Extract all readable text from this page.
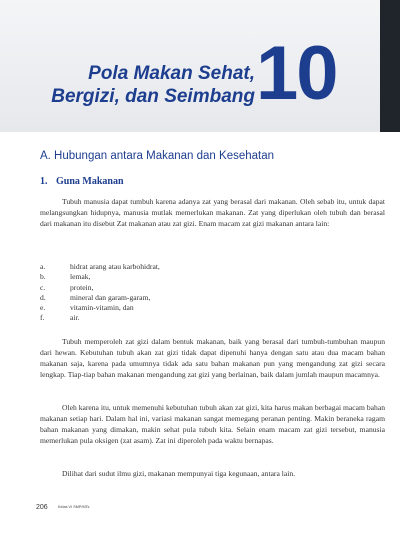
Pola Makan Sehat,
Bergizi, dan Seimbang 10
A. Hubungan antara Makanan dan Kesehatan
1. Guna Makanan

Tubuh manusia dapat tumbuh karena adanya zat yang berasal dari makanan. Oleh sebab itu, untuk dapat melangsungkan hidupnya, manusia mutlak memerlukan makanan. Zat yang diperlukan oleh tubuh dan berasal dari makanan itu disebut Zat makanan atau zat gizi. Enam macam zat gizi makanan antara lain:

a.	hidrat arang atau karbohidrat,
b.	lemak,
c.	protein,
d.	mineral dan garam-garam,
e.	vitamin-vitamin, dan
f.	air.

Tubuh memperoleh zat gizi dalam bentuk makanan, baik yang berasal dari tumbuh-tumbuhan maupun dari hewan. Kebutuhan tubuh akan zat gizi tidak dapat dipenuhi hanya dengan satu atau dua macam bahan makanan saja, karena pada umumnya tidak ada satu bahan makanan pun yang mengandung zat gizi secara lengkap. Tiap-tiap bahan makanan mengandung zat gizi yang berlainan, baik dalam jumlah maupun macamnya.

Oleh karena itu, untuk memenuhi kebutuhan tubuh akan zat gizi, kita harus makan berbagai macam bahan makanan setiap hari. Dalam hal ini, variasi makanan sangat memegang peranan penting. Makin beraneka ragam bahan makanan yang dimakan, makin sehat pula tubuh kita. Selain enam macam zat gizi tersebut, manusia memerlukan pula oksigen (zat asam). Zat ini diperoleh pada waktu bernapas.

Dilihat dari sudut ilmu gizi, makanan mempunyai tiga kegunaan, antara lain.

206	Kelas VI SMP/MTs
